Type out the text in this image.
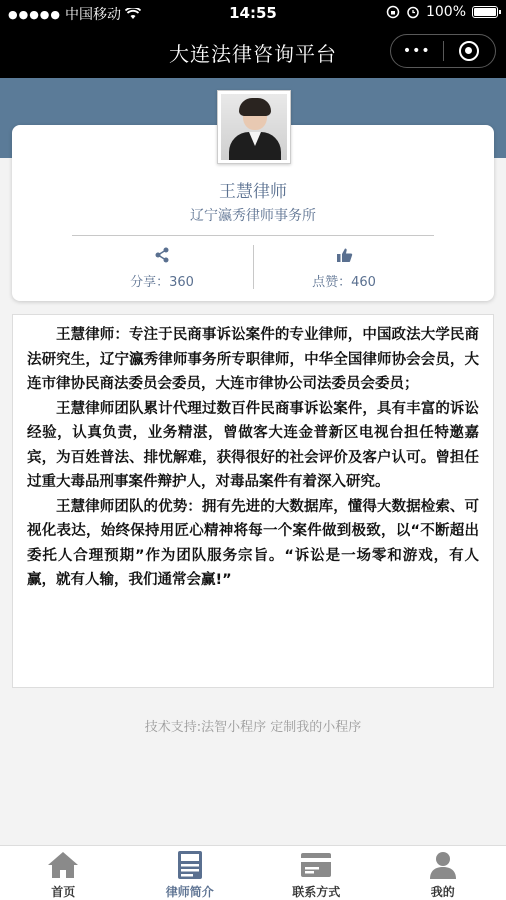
●●●●● 中国移动	14:55	100%
大连法律咨询平台	•••
王慧律师
辽宁瀛秀律师事务所
分享：360	点赞：460

王慧律师：专注于民商事诉讼案件的专业律师，中国政法大学民商法研究生，辽宁瀛秀律师事务所专职律师，中华全国律师协会会员，大连市律协民商法委员会委员，大连市律协公司法委员会委员；

王慧律师团队累计代理过数百件民商事诉讼案件，具有丰富的诉讼经验，认真负责，业务精湛，曾做客大连金普新区电视台担任特邀嘉宾，为百姓普法、排忧解难，获得很好的社会评价及客户认可。曾担任过重大毒品刑事案件辩护人，对毒品案件有着深入研究。

王慧律师团队的优势：拥有先进的大数据库，懂得大数据检索、可视化表达，始终保持用匠心精神将每一个案件做到极致，以“不断超出委托人合理预期”作为团队服务宗旨。“诉讼是一场零和游戏，有人赢，就有人输，我们通常会赢!”

技术支持:法智小程序 定制我的小程序
首页	律师简介	联系方式	我的
